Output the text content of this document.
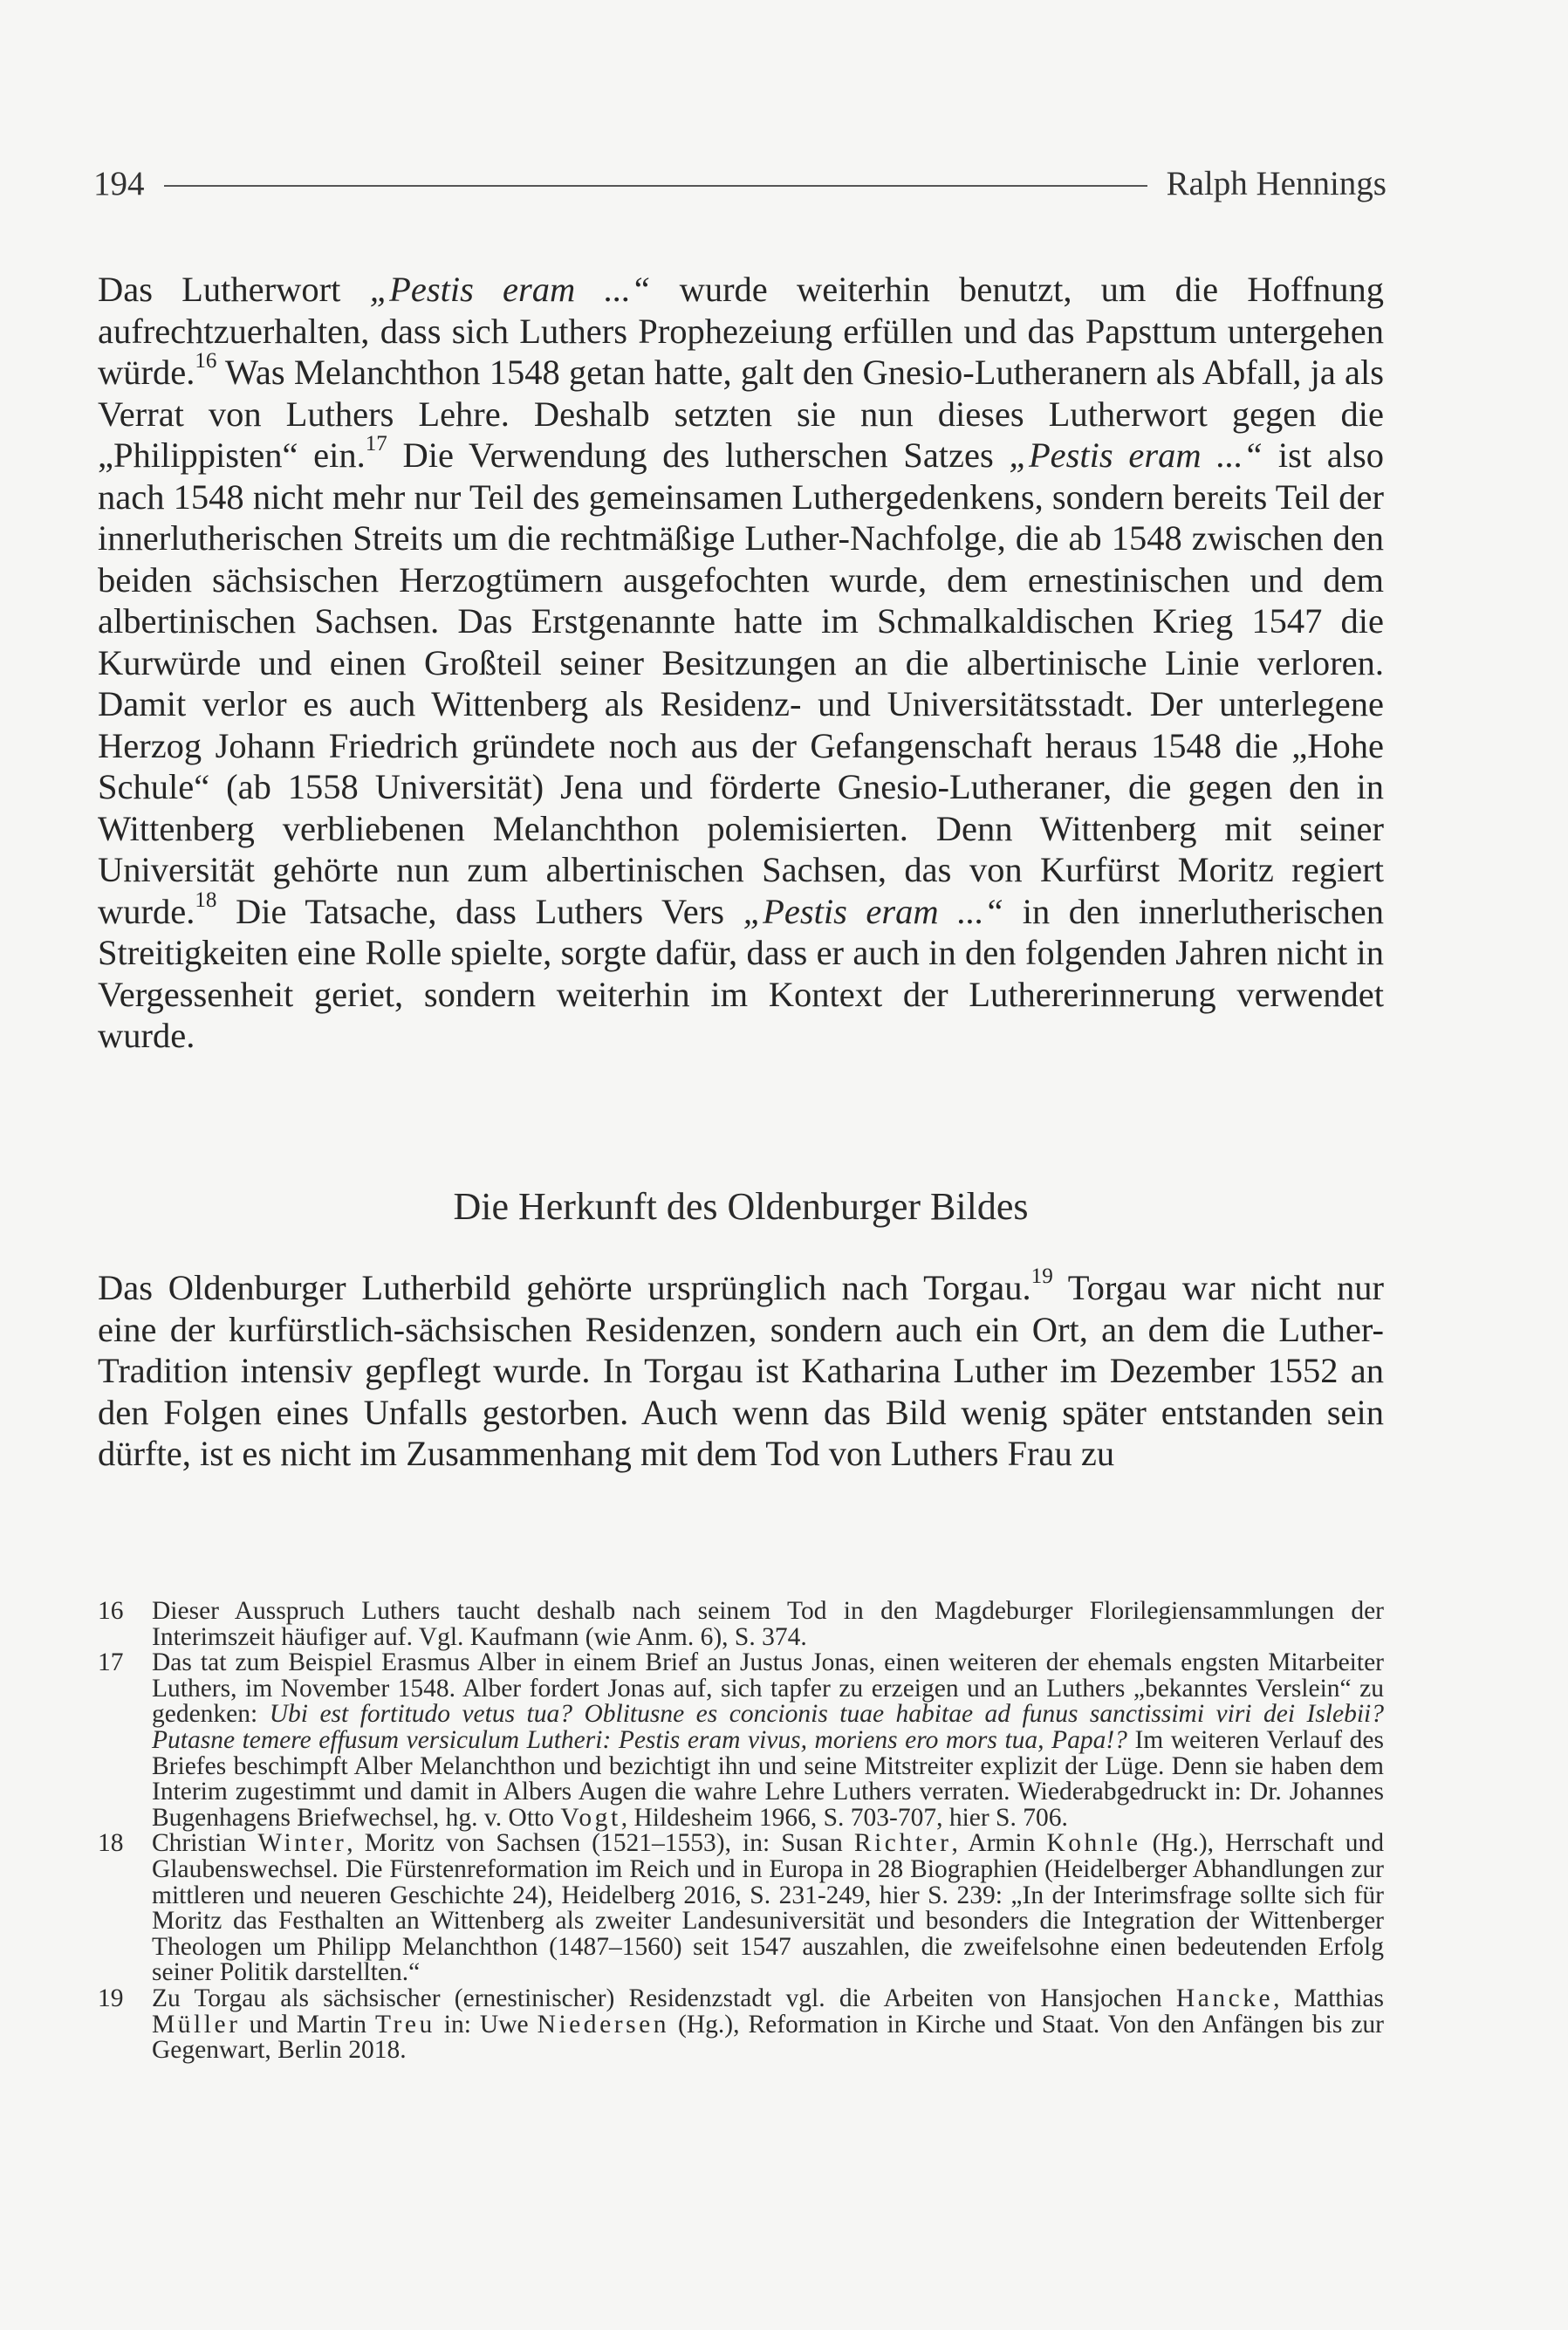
194	Ralph Hennings

Das Lutherwort „Pestis eram ...“ wurde weiterhin benutzt, um die Hoffnung aufrechtzuerhalten, dass sich Luthers Prophezeiung erfüllen und das Papsttum untergehen würde.$^{16}$ Was Melanchthon 1548 getan hatte, galt den Gnesio-Lutheranern als Abfall, ja als Verrat von Luthers Lehre. Deshalb setzten sie nun dieses Lutherwort gegen die „Philippisten“ ein.$^{17}$ Die Verwendung des lutherschen Satzes „Pestis eram ...“ ist also nach 1548 nicht mehr nur Teil des gemeinsamen Luthergedenkens, sondern bereits Teil der innerlutherischen Streits um die rechtmäßige Luther-Nachfolge, die ab 1548 zwischen den beiden sächsischen Herzogtümern ausgefochten wurde, dem ernestinischen und dem albertinischen Sachsen. Das Erstgenannte hatte im Schmalkaldischen Krieg 1547 die Kurwürde und einen Großteil seiner Besitzungen an die albertinische Linie verloren. Damit verlor es auch Wittenberg als Residenz- und Universitätsstadt. Der unterlegene Herzog Johann Friedrich gründete noch aus der Gefangenschaft heraus 1548 die „Hohe Schule“ (ab 1558 Universität) Jena und förderte Gnesio-Lutheraner, die gegen den in Wittenberg verbliebenen Melanchthon polemisierten. Denn Wittenberg mit seiner Universität gehörte nun zum albertinischen Sachsen, das von Kurfürst Moritz regiert wurde.$^{18}$ Die Tatsache, dass Luthers Vers „Pestis eram ...“ in den innerlutherischen Streitigkeiten eine Rolle spielte, sorgte dafür, dass er auch in den folgenden Jahren nicht in Vergessenheit geriet, sondern weiterhin im Kontext der Luthererinnerung verwendet wurde.

Die Herkunft des Oldenburger Bildes

Das Oldenburger Lutherbild gehörte ursprünglich nach Torgau.$^{19}$ Torgau war nicht nur eine der kurfürstlich-sächsischen Residenzen, sondern auch ein Ort, an dem die Luther-Tradition intensiv gepflegt wurde. In Torgau ist Katharina Luther im Dezember 1552 an den Folgen eines Unfalls gestorben. Auch wenn das Bild wenig später entstanden sein dürfte, ist es nicht im Zusammenhang mit dem Tod von Luthers Frau zu

16	Dieser Ausspruch Luthers taucht deshalb nach seinem Tod in den Magdeburger Florilegiensammlungen der Interimszeit häufiger auf. Vgl. Kaufmann (wie Anm. 6), S. 374.
17	Das tat zum Beispiel Erasmus Alber in einem Brief an Justus Jonas, einen weiteren der ehemals engsten Mitarbeiter Luthers, im November 1548. Alber fordert Jonas auf, sich tapfer zu erzeigen und an Luthers „bekanntes Verslein“ zu gedenken: Ubi est fortitudo vetus tua? Oblitusne es concionis tuae habitae ad funus sanctissimi viri dei Islebii? Putasne temere effusum versiculum Lutheri: Pestis eram vivus, moriens ero mors tua, Papa!? Im weiteren Verlauf des Briefes beschimpft Alber Melanchthon und bezichtigt ihn und seine Mitstreiter explizit der Lüge. Denn sie haben dem Interim zugestimmt und damit in Albers Augen die wahre Lehre Luthers verraten. Wiederabgedruckt in: Dr. Johannes Bugenhagens Briefwechsel, hg. v. Otto Vogt, Hildesheim 1966, S. 703-707, hier S. 706.
18	Christian Winter, Moritz von Sachsen (1521–1553), in: Susan Richter, Armin Kohnle (Hg.), Herrschaft und Glaubenswechsel. Die Fürstenreformation im Reich und in Europa in 28 Biographien (Heidelberger Abhandlungen zur mittleren und neueren Geschichte 24), Heidelberg 2016, S. 231-249, hier S. 239: „In der Interimsfrage sollte sich für Moritz das Festhalten an Wittenberg als zweiter Landesuniversität und besonders die Integration der Wittenberger Theologen um Philipp Melanchthon (1487–1560) seit 1547 auszahlen, die zweifelsohne einen bedeutenden Erfolg seiner Politik darstellten.“
19	Zu Torgau als sächsischer (ernestinischer) Residenzstadt vgl. die Arbeiten von Hansjochen Hancke, Matthias Müller und Martin Treu in: Uwe Niedersen (Hg.), Reformation in Kirche und Staat. Von den Anfängen bis zur Gegenwart, Berlin 2018.
